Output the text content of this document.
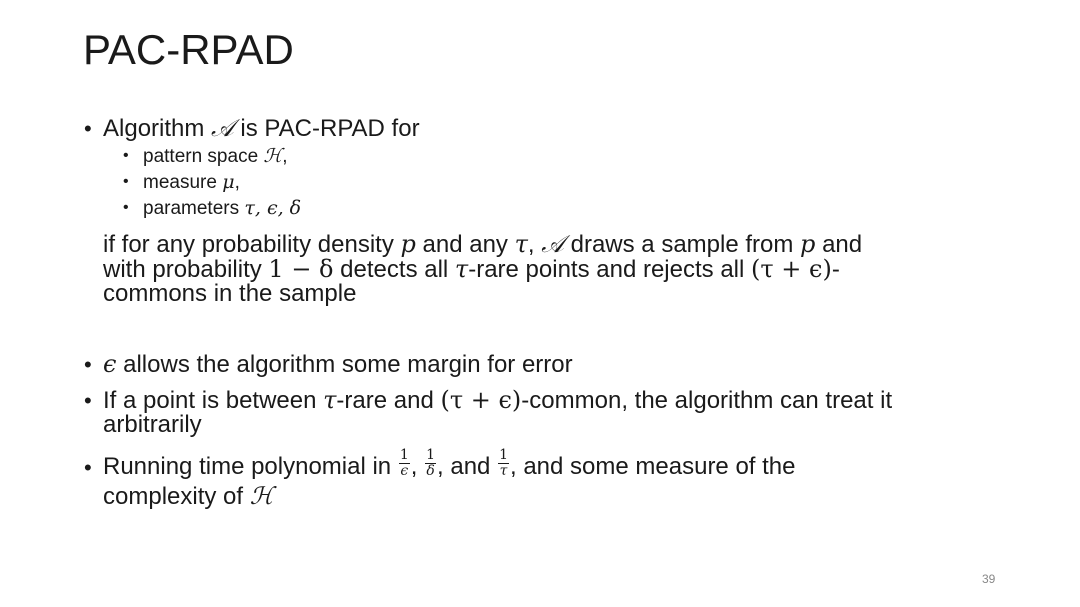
PAC-RPAD
• Algorithm 𝒜 is PAC-RPAD for
• pattern space ℋ,
• measure μ,
• parameters τ, ϵ, δ
if for any probability density p and any τ, 𝒜 draws a sample from p and
with probability 1 − δ detects all τ-rare points and rejects all (τ + ϵ)-
commons in the sample
• ϵ allows the algorithm some margin for error
• If a point is between τ-rare and (τ + ϵ)-common, the algorithm can treat it
arbitrarily
• Running time polynomial in $\frac{1}{\epsilon}$ , $\frac{1}{\delta}$ , and $\frac{1}{\tau}$ , and some measure of the
complexity of ℋ
39
